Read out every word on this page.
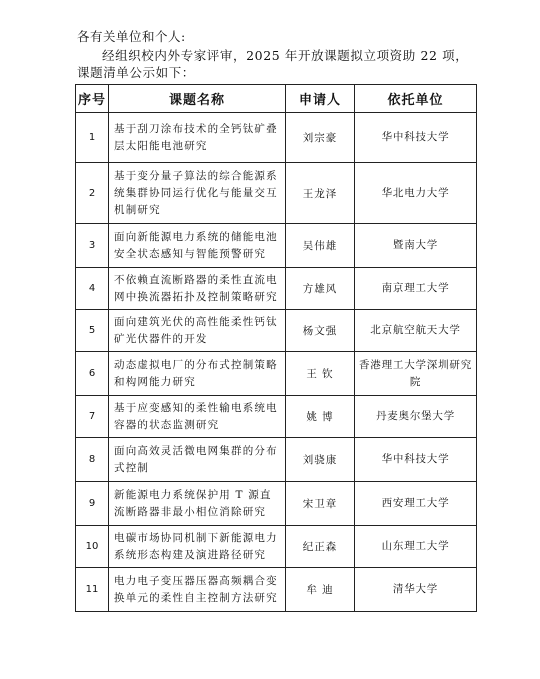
各有关单位和个人:
经组织校内外专家评审，2025 年开放课题拟立项资助 22 项，课题清单公示如下：
序号	课题名称	申请人	依托单位
1	基于刮刀涂布技术的全钙钛矿叠层太阳能电池研究	刘宗豪	华中科技大学
2	基于变分量子算法的综合能源系统集群协同运行优化与能量交互机制研究	王龙泽	华北电力大学
3	面向新能源电力系统的储能电池安全状态感知与智能预警研究	吴伟雄	暨南大学
4	不依赖直流断路器的柔性直流电网中换流器拓扑及控制策略研究	方雄风	南京理工大学
5	面向建筑光伏的高性能柔性钙钛矿光伏器件的开发	杨文强	北京航空航天大学
6	动态虚拟电厂的分布式控制策略和构网能力研究	王 钦	香港理工大学深圳研究院
7	基于应变感知的柔性输电系统电容器的状态监测研究	姚 博	丹麦奥尔堡大学
8	面向高效灵活微电网集群的分布式控制	刘骁康	华中科技大学
9	新能源电力系统保护用 T 源直流断路器非最小相位消除研究	宋卫章	西安理工大学
10	电碳市场协同机制下新能源电力系统形态构建及演进路径研究	纪正森	山东理工大学
11	电力电子变压器压器高频耦合变换单元的柔性自主控制方法研究	牟 迪	清华大学
